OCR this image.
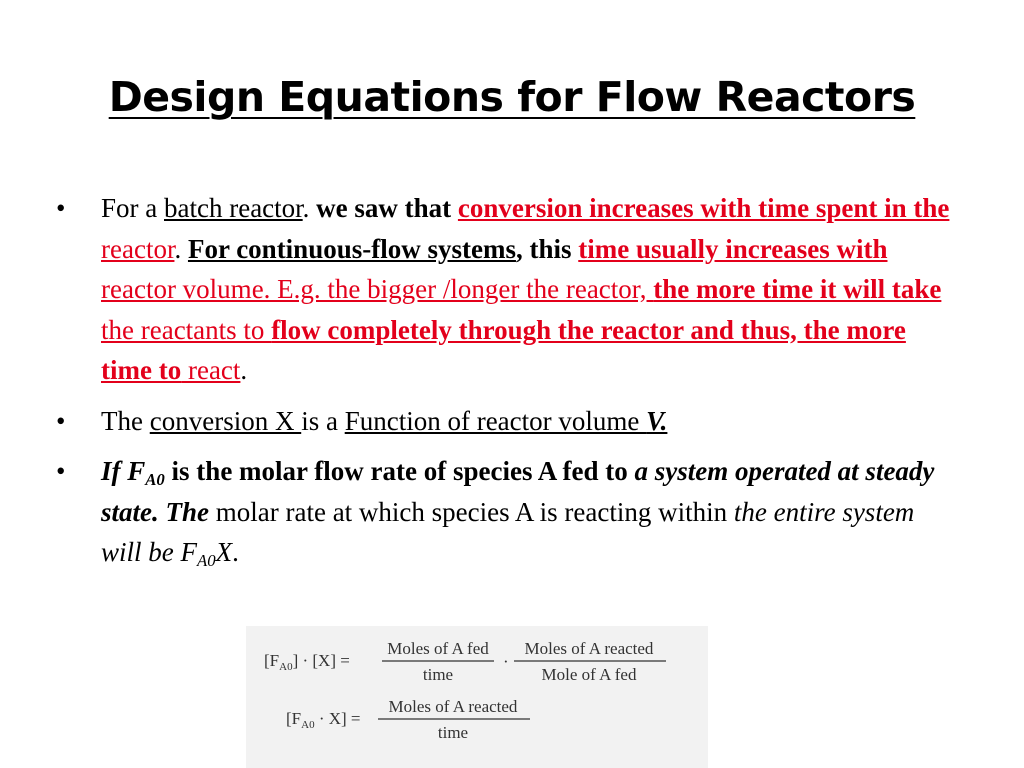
Design Equations for Flow Reactors
• For a batch reactor. we saw that conversion increases with time spent in the reactor. For continuous-flow systems, this time usually increases with reactor volume. E.g. the bigger /longer the reactor, the more time it will take the reactants to flow completely through the reactor and thus, the more time to react.
• The conversion X is a Function of reactor volume V.
• If $F_{A0}$ is the molar flow rate of species A fed to a system operated at steady state. The molar rate at which species A is reacting within the entire system will be $F_{A0}X$.
$[F_{A0}] \cdot [X]$ =
Moles of A fed
time
·
Moles of A reacted
Mole of A fed
$[F_{A0} \cdot X]$ =
Moles of A reacted
time
